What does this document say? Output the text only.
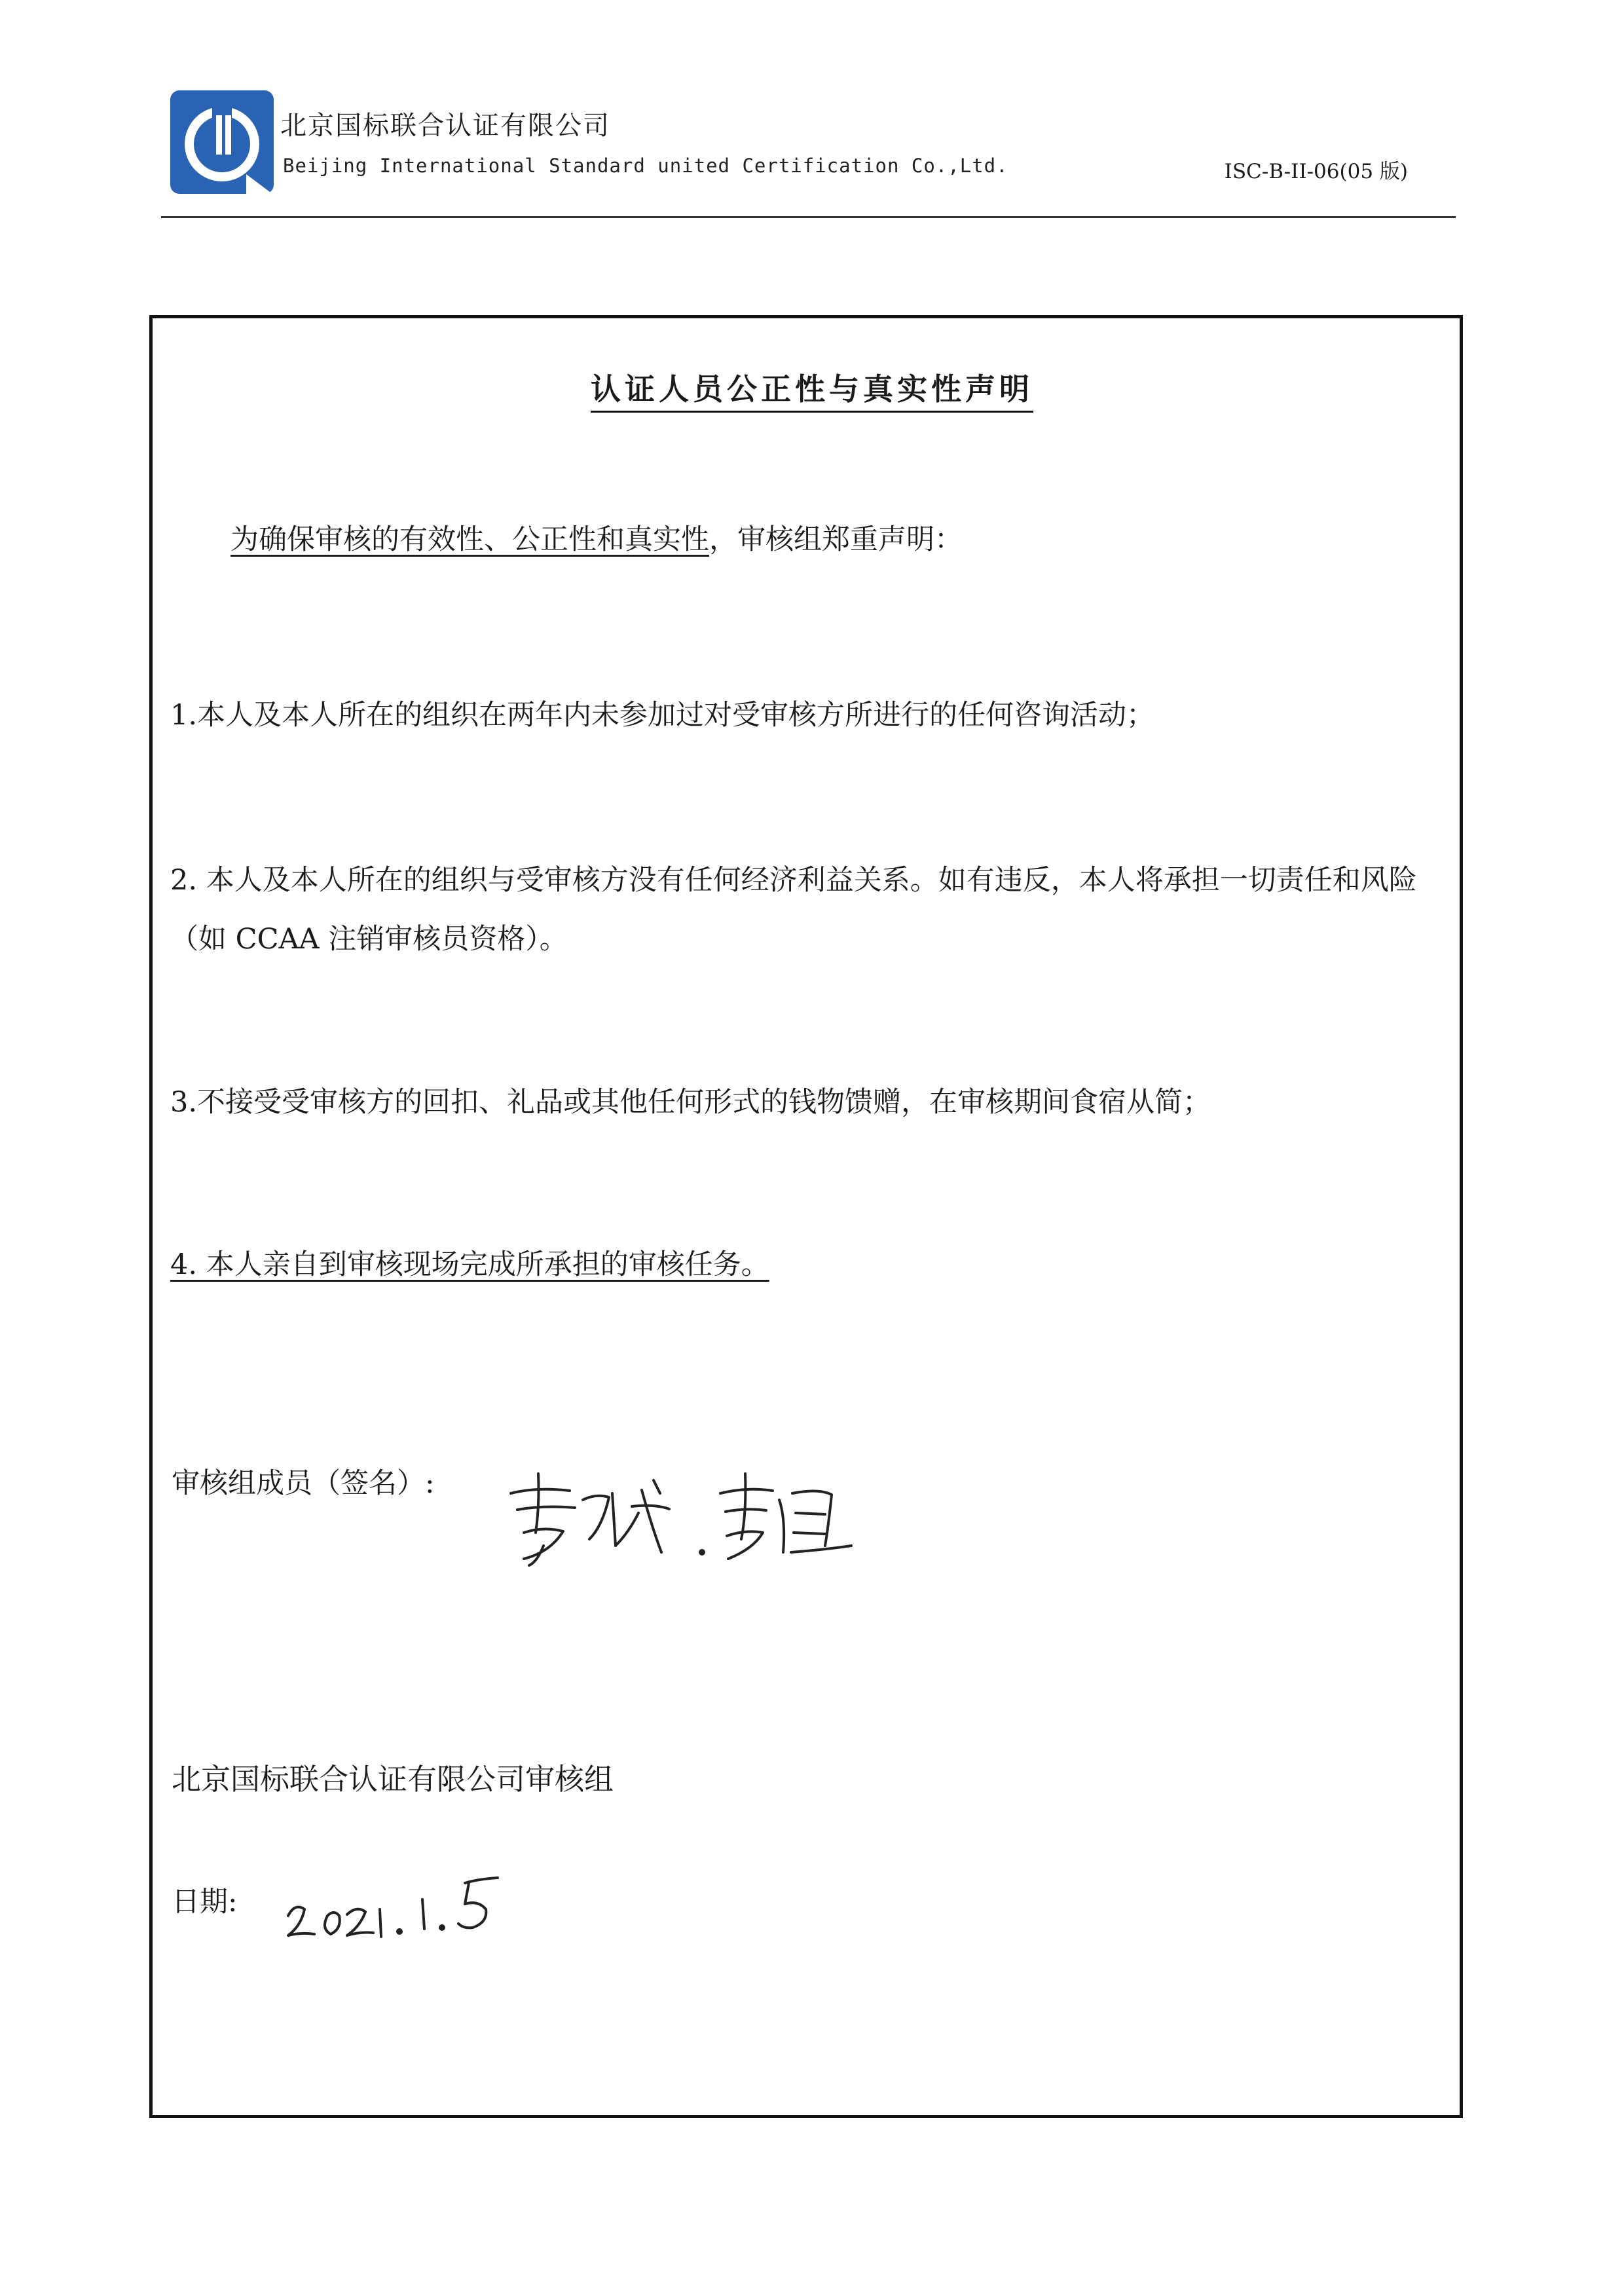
北京国标联合认证有限公司
Beijing International Standard united Certification Co.,Ltd.	ISC-B-II-06(05 版)
认证人员公正性与真实性声明
为确保审核的有效性、公正性和真实性，审核组郑重声明：
1.本人及本人所在的组织在两年内未参加过对受审核方所进行的任何咨询活动；
2. 本人及本人所在的组织与受审核方没有任何经济利益关系。如有违反，本人将承担一切责任和风险（如 CCAA 注销审核员资格）。
3.不接受受审核方的回扣、礼品或其他任何形式的钱物馈赠，在审核期间食宿从简；
4. 本人亲自到审核现场完成所承担的审核任务。
审核组成员（签名）:
北京国标联合认证有限公司审核组
日期:
